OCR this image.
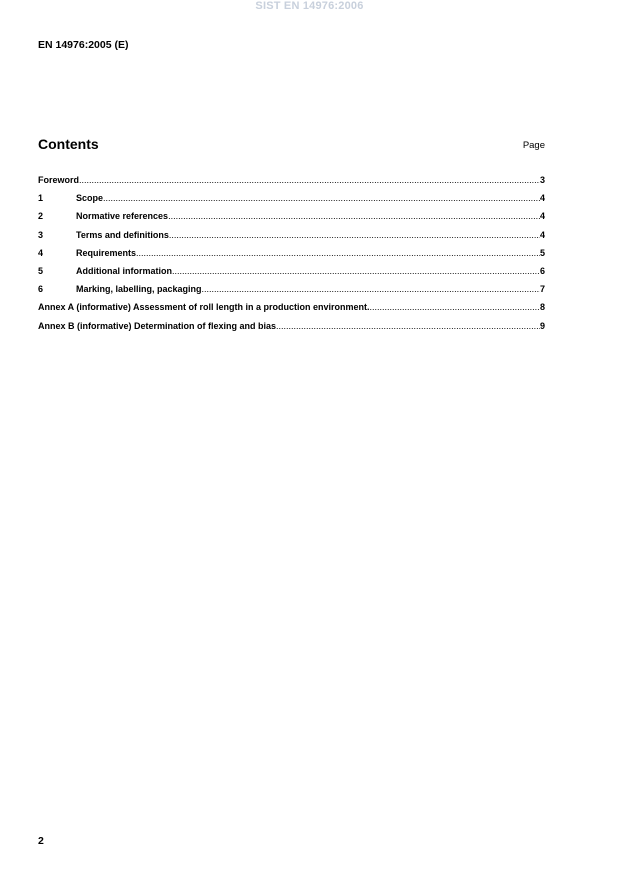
SIST EN 14976:2006
EN 14976:2005 (E)
Contents	Page
Foreword .....	3
1	Scope .....	4
2	Normative references .....	4
3	Terms and definitions .....	4
4	Requirements .....	5
5	Additional information .....	6
6	Marking, labelling, packaging .....	7
Annex A (informative) Assessment of roll length in a production environment. .....	8
Annex B (informative) Determination of flexing and bias .....	9
2
